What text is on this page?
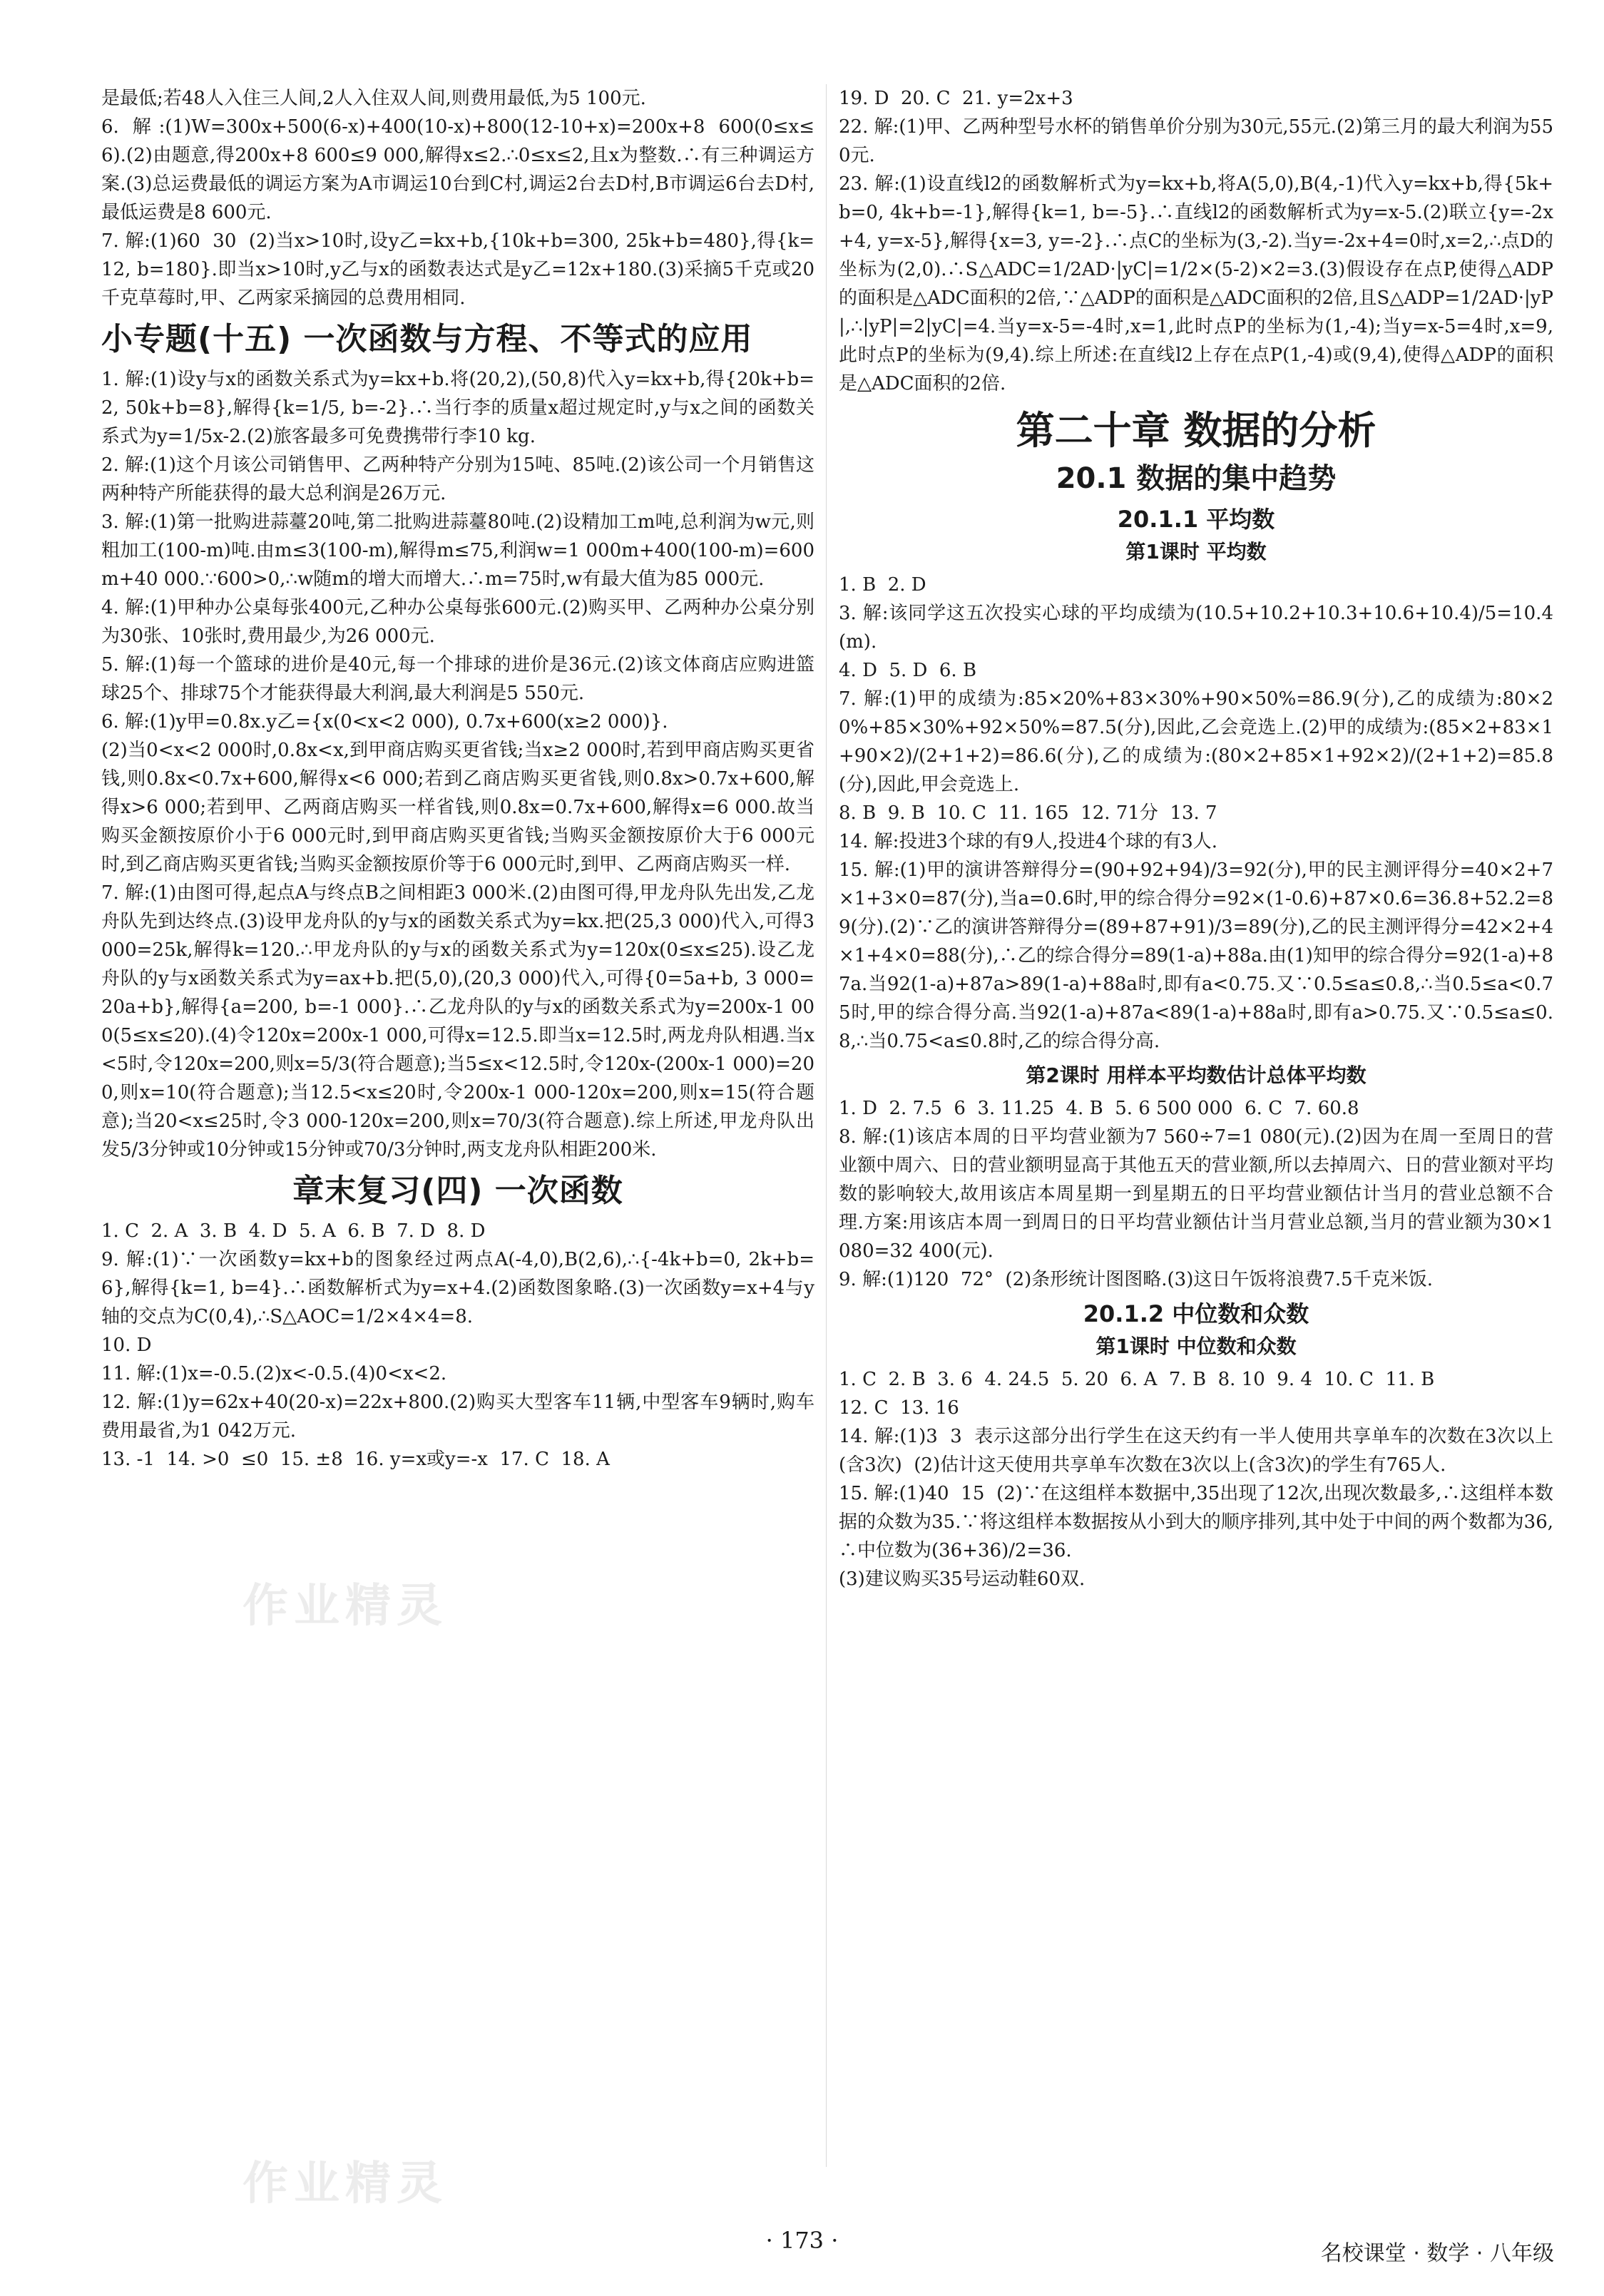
作业精灵
作业精灵

是最低;若48人入住三人间,2人入住双人间,则费用最低,为5 100元.

6. 解:(1)W=300x+500(6-x)+400(10-x)+800(12-10+x)=200x+8 600(0≤x≤6).(2)由题意,得200x+8 600≤9 000,解得x≤2.∴0≤x≤2,且x为整数.∴有三种调运方案.(3)总运费最低的调运方案为A市调运10台到C村,调运2台去D村,B市调运6台去D村,最低运费是8 600元.

7. 解:(1)60  30  (2)当x>10时,设y乙=kx+b,{10k+b=300, 25k+b=480},得{k=12, b=180}.即当x>10时,y乙与x的函数表达式是y乙=12x+180.(3)采摘5千克或20千克草莓时,甲、乙两家采摘园的总费用相同.

小专题(十五) 一次函数与方程、不等式的应用

1. 解:(1)设y与x的函数关系式为y=kx+b.将(20,2),(50,8)代入y=kx+b,得{20k+b=2, 50k+b=8},解得{k=1/5, b=-2}.∴当行李的质量x超过规定时,y与x之间的函数关系式为y=1/5x-2.(2)旅客最多可免费携带行李10 kg.

2. 解:(1)这个月该公司销售甲、乙两种特产分别为15吨、85吨.(2)该公司一个月销售这两种特产所能获得的最大总利润是26万元.

3. 解:(1)第一批购进蒜薹20吨,第二批购进蒜薹80吨.(2)设精加工m吨,总利润为w元,则粗加工(100-m)吨.由m≤3(100-m),解得m≤75,利润w=1 000m+400(100-m)=600m+40 000.∵600>0,∴w随m的增大而增大.∴m=75时,w有最大值为85 000元.

4. 解:(1)甲种办公桌每张400元,乙种办公桌每张600元.(2)购买甲、乙两种办公桌分别为30张、10张时,费用最少,为26 000元.

5. 解:(1)每一个篮球的进价是40元,每一个排球的进价是36元.(2)该文体商店应购进篮球25个、排球75个才能获得最大利润,最大利润是5 550元.

6. 解:(1)y甲=0.8x.y乙={x(0<x<2 000), 0.7x+600(x≥2 000)}.

(2)当0<x<2 000时,0.8x<x,到甲商店购买更省钱;当x≥2 000时,若到甲商店购买更省钱,则0.8x<0.7x+600,解得x<6 000;若到乙商店购买更省钱,则0.8x>0.7x+600,解得x>6 000;若到甲、乙两商店购买一样省钱,则0.8x=0.7x+600,解得x=6 000.故当购买金额按原价小于6 000元时,到甲商店购买更省钱;当购买金额按原价大于6 000元时,到乙商店购买更省钱;当购买金额按原价等于6 000元时,到甲、乙两商店购买一样.

7. 解:(1)由图可得,起点A与终点B之间相距3 000米.(2)由图可得,甲龙舟队先出发,乙龙舟队先到达终点.(3)设甲龙舟队的y与x的函数关系式为y=kx.把(25,3 000)代入,可得3 000=25k,解得k=120.∴甲龙舟队的y与x的函数关系式为y=120x(0≤x≤25).设乙龙舟队的y与x函数关系式为y=ax+b.把(5,0),(20,3 000)代入,可得{0=5a+b, 3 000=20a+b},解得{a=200, b=-1 000}.∴乙龙舟队的y与x的函数关系式为y=200x-1 000(5≤x≤20).(4)令120x=200x-1 000,可得x=12.5.即当x=12.5时,两龙舟队相遇.当x<5时,令120x=200,则x=5/3(符合题意);当5≤x<12.5时,令120x-(200x-1 000)=200,则x=10(符合题意);当12.5<x≤20时,令200x-1 000-120x=200,则x=15(符合题意);当20<x≤25时,令3 000-120x=200,则x=70/3(符合题意).综上所述,甲龙舟队出发5/3分钟或10分钟或15分钟或70/3分钟时,两支龙舟队相距200米.

章末复习(四) 一次函数

1. C  2. A  3. B  4. D  5. A  6. B  7. D  8. D

9. 解:(1)∵一次函数y=kx+b的图象经过两点A(-4,0),B(2,6),∴{-4k+b=0, 2k+b=6},解得{k=1, b=4}.∴函数解析式为y=x+4.(2)函数图象略.(3)一次函数y=x+4与y轴的交点为C(0,4),∴S△AOC=1/2×4×4=8.

10. D

11. 解:(1)x=-0.5.(2)x<-0.5.(4)0<x<2.

12. 解:(1)y=62x+40(20-x)=22x+800.(2)购买大型客车11辆,中型客车9辆时,购车费用最省,为1 042万元.

13. -1  14. >0  ≤0  15. ±8  16. y=x或y=-x  17. C  18. A

19. D  20. C  21. y=2x+3

22. 解:(1)甲、乙两种型号水杯的销售单价分别为30元,55元.(2)第三月的最大利润为550元.

23. 解:(1)设直线l2的函数解析式为y=kx+b,将A(5,0),B(4,-1)代入y=kx+b,得{5k+b=0, 4k+b=-1},解得{k=1, b=-5}.∴直线l2的函数解析式为y=x-5.(2)联立{y=-2x+4, y=x-5},解得{x=3, y=-2}.∴点C的坐标为(3,-2).当y=-2x+4=0时,x=2,∴点D的坐标为(2,0).∴S△ADC=1/2AD·|yC|=1/2×(5-2)×2=3.(3)假设存在点P,使得△ADP的面积是△ADC面积的2倍,∵△ADP的面积是△ADC面积的2倍,且S△ADP=1/2AD·|yP|,∴|yP|=2|yC|=4.当y=x-5=-4时,x=1,此时点P的坐标为(1,-4);当y=x-5=4时,x=9,此时点P的坐标为(9,4).综上所述:在直线l2上存在点P(1,-4)或(9,4),使得△ADP的面积是△ADC面积的2倍.

第二十章 数据的分析
20.1 数据的集中趋势
20.1.1 平均数
第1课时 平均数

1. B  2. D

3. 解:该同学这五次投实心球的平均成绩为(10.5+10.2+10.3+10.6+10.4)/5=10.4(m).

4. D  5. D  6. B

7. 解:(1)甲的成绩为:85×20%+83×30%+90×50%=86.9(分),乙的成绩为:80×20%+85×30%+92×50%=87.5(分),因此,乙会竞选上.(2)甲的成绩为:(85×2+83×1+90×2)/(2+1+2)=86.6(分),乙的成绩为:(80×2+85×1+92×2)/(2+1+2)=85.8(分),因此,甲会竞选上.

8. B  9. B  10. C  11. 165  12. 71分  13. 7

14. 解:投进3个球的有9人,投进4个球的有3人.

15. 解:(1)甲的演讲答辩得分=(90+92+94)/3=92(分),甲的民主测评得分=40×2+7×1+3×0=87(分),当a=0.6时,甲的综合得分=92×(1-0.6)+87×0.6=36.8+52.2=89(分).(2)∵乙的演讲答辩得分=(89+87+91)/3=89(分),乙的民主测评得分=42×2+4×1+4×0=88(分),∴乙的综合得分=89(1-a)+88a.由(1)知甲的综合得分=92(1-a)+87a.当92(1-a)+87a>89(1-a)+88a时,即有a<0.75.又∵0.5≤a≤0.8,∴当0.5≤a<0.75时,甲的综合得分高.当92(1-a)+87a<89(1-a)+88a时,即有a>0.75.又∵0.5≤a≤0.8,∴当0.75<a≤0.8时,乙的综合得分高.

第2课时 用样本平均数估计总体平均数

1. D  2. 7.5  6  3. 11.25  4. B  5. 6 500 000  6. C  7. 60.8

8. 解:(1)该店本周的日平均营业额为7 560÷7=1 080(元).(2)因为在周一至周日的营业额中周六、日的营业额明显高于其他五天的营业额,所以去掉周六、日的营业额对平均数的影响较大,故用该店本周星期一到星期五的日平均营业额估计当月的营业总额不合理.方案:用该店本周一到周日的日平均营业额估计当月营业总额,当月的营业额为30×1 080=32 400(元).

9. 解:(1)120  72°  (2)条形统计图图略.(3)这日午饭将浪费7.5千克米饭.

20.1.2 中位数和众数
第1课时 中位数和众数

1. C  2. B  3. 6  4. 24.5  5. 20  6. A  7. B  8. 10  9. 4  10. C  11. B

12. C  13. 16

14. 解:(1)3  3  表示这部分出行学生在这天约有一半人使用共享单车的次数在3次以上(含3次)  (2)估计这天使用共享单车次数在3次以上(含3次)的学生有765人.

15. 解:(1)40  15  (2)∵在这组样本数据中,35出现了12次,出现次数最多,∴这组样本数据的众数为35.∵将这组样本数据按从小到大的顺序排列,其中处于中间的两个数都为36,∴中位数为(36+36)/2=36.

(3)建议购买35号运动鞋60双.

· 173 ·	名校课堂 · 数学 · 八年级
